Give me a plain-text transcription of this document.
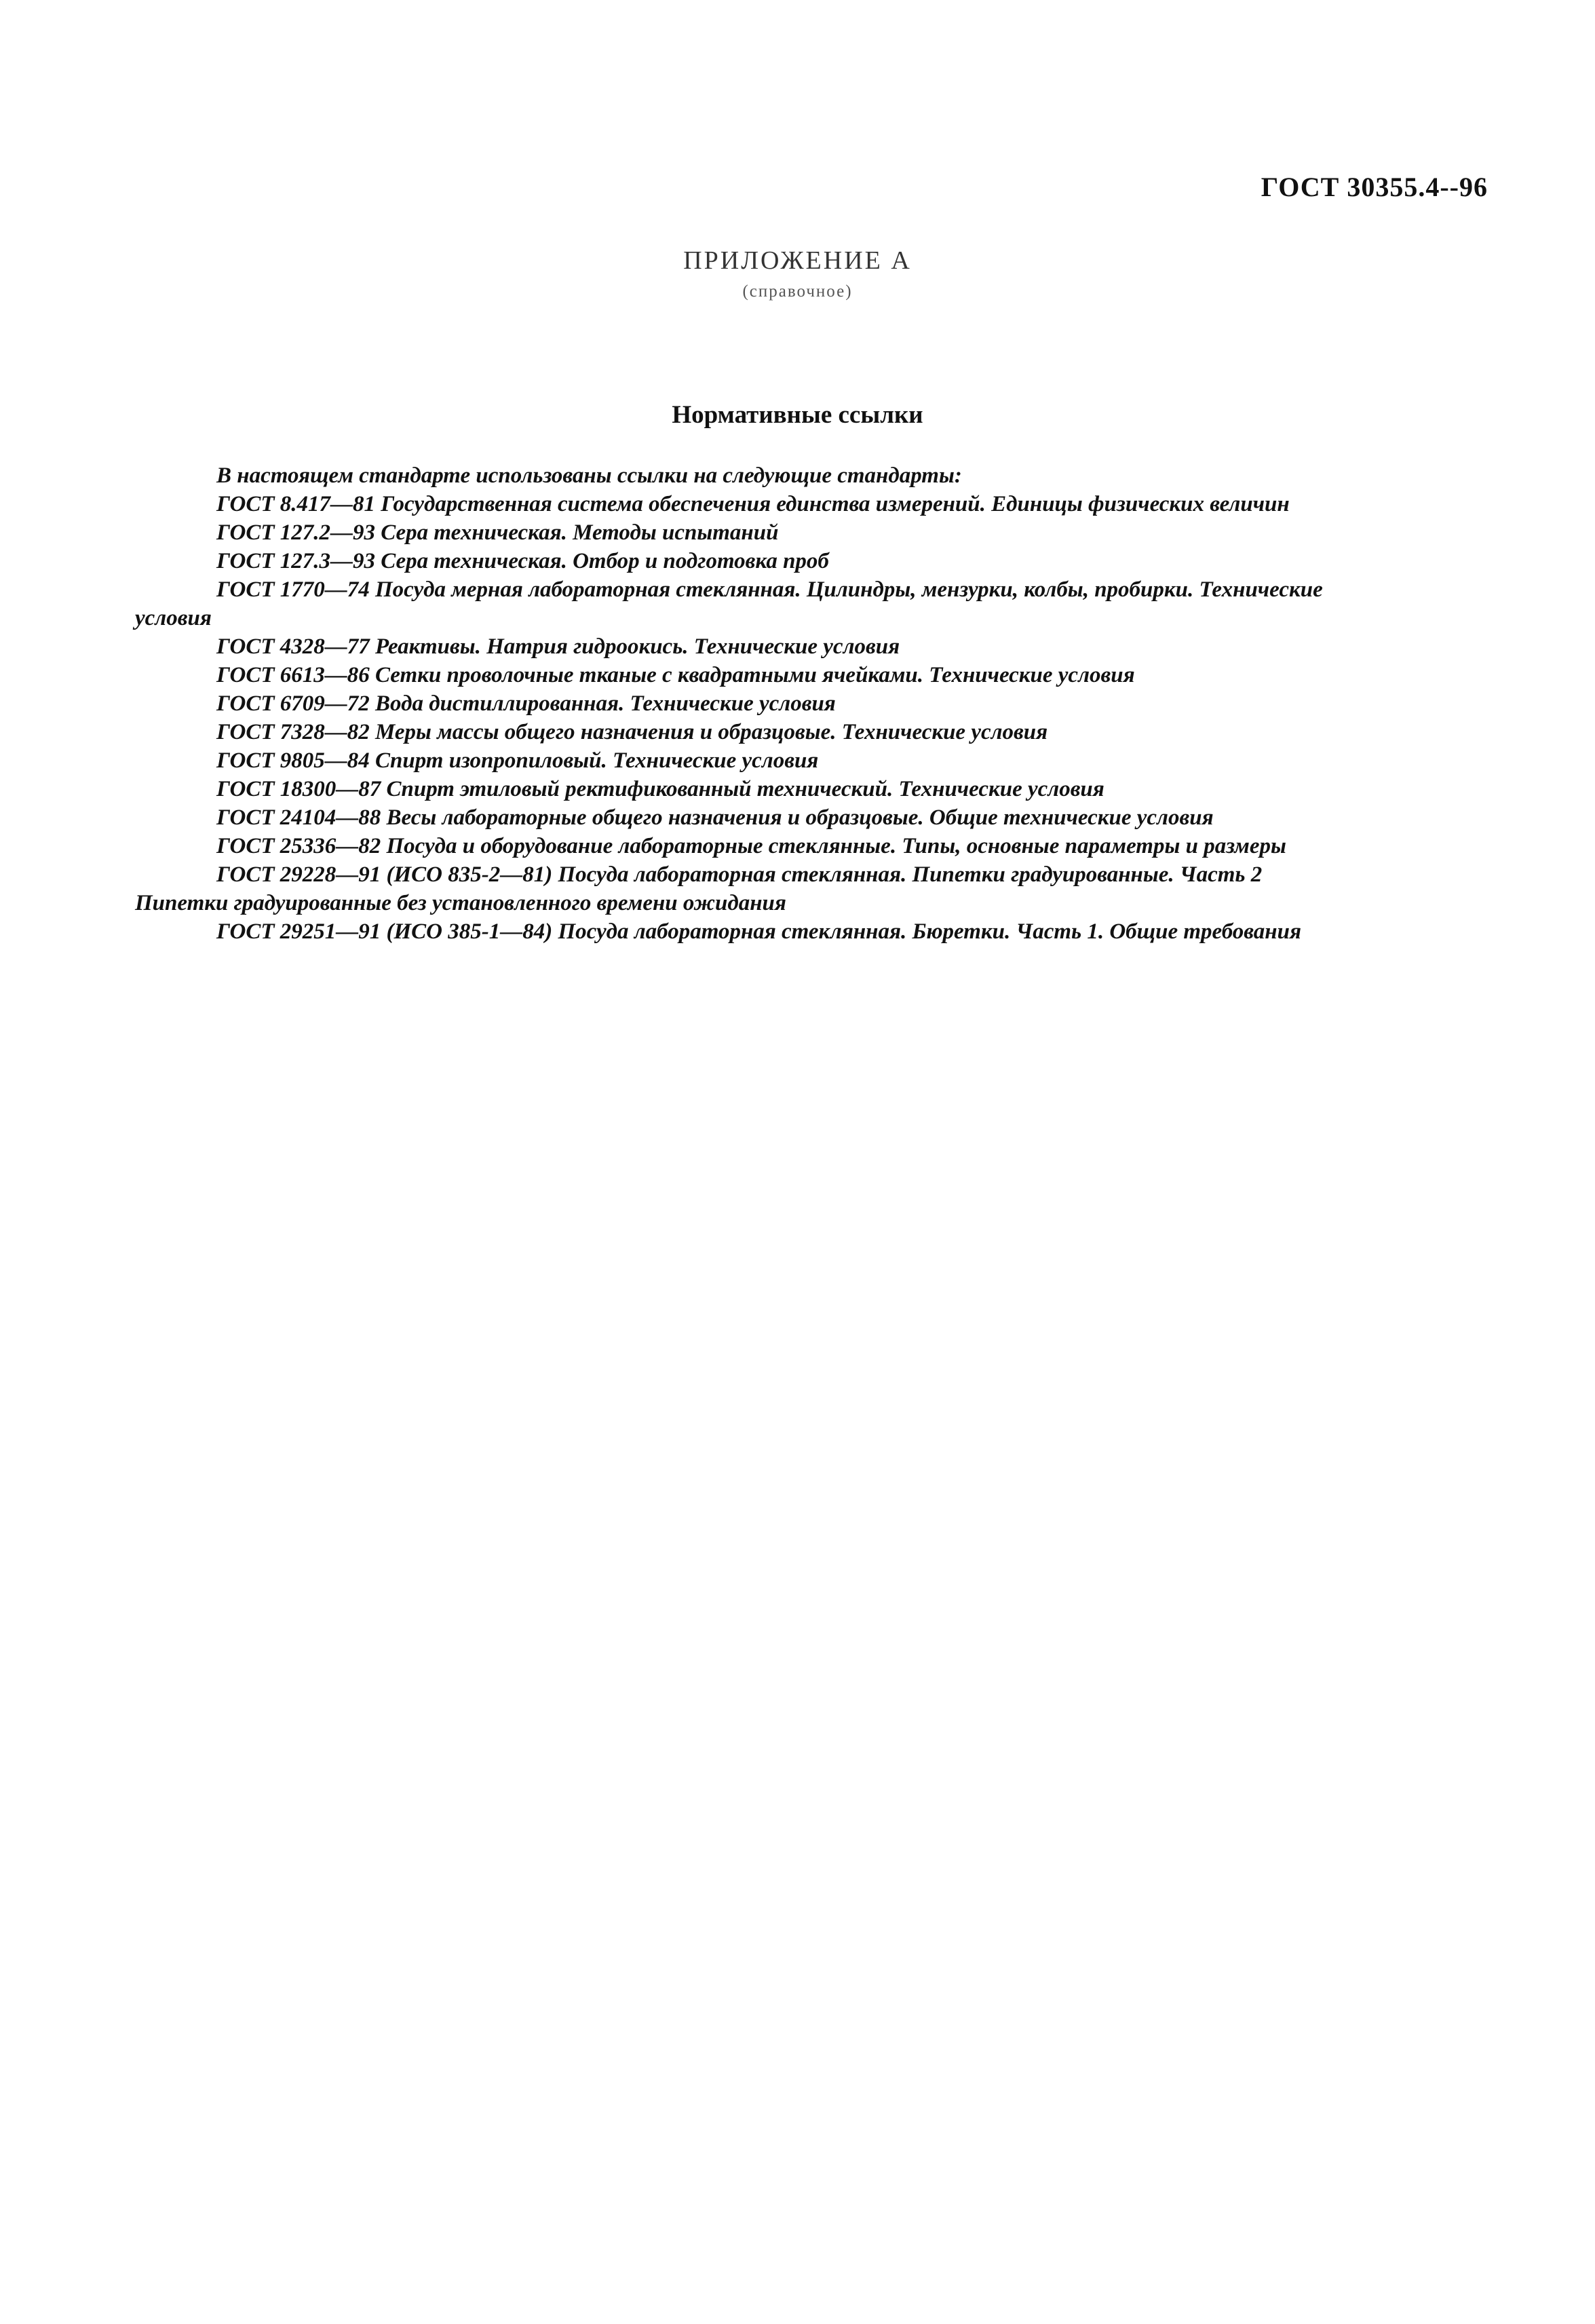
ГОСТ 30355.4--96
ПРИЛОЖЕНИЕ А
(справочное)
Нормативные ссылки
В настоящем стандарте использованы ссылки на следующие стандарты:
ГОСТ 8.417—81 Государственная система обеспечения единства измерений. Единицы физических величин
ГОСТ 127.2—93 Сера техническая. Методы испытаний
ГОСТ 127.3—93 Сера техническая. Отбор и подготовка проб
ГОСТ 1770—74 Посуда мерная лабораторная стеклянная. Цилиндры, мензурки, колбы, пробирки. Технические
условия
ГОСТ 4328—77 Реактивы. Натрия гидроокись. Технические условия
ГОСТ 6613—86 Сетки проволочные тканые с квадратными ячейками. Технические условия
ГОСТ 6709—72 Вода дистиллированная. Технические условия
ГОСТ 7328—82 Меры массы общего назначения и образцовые. Технические условия
ГОСТ 9805—84 Спирт изопропиловый. Технические условия
ГОСТ 18300—87 Спирт этиловый ректификованный технический. Технические условия
ГОСТ 24104—88 Весы лабораторные общего назначения и образцовые. Общие технические условия
ГОСТ 25336—82 Посуда и оборудование лабораторные стеклянные. Типы, основные параметры и размеры
ГОСТ 29228—91 (ИСО 835-2—81) Посуда лабораторная стеклянная. Пипетки градуированные. Часть 2
Пипетки градуированные без установленного времени ожидания
ГОСТ 29251—91 (ИСО 385-1—84) Посуда лабораторная стеклянная. Бюретки. Часть 1. Общие требования
